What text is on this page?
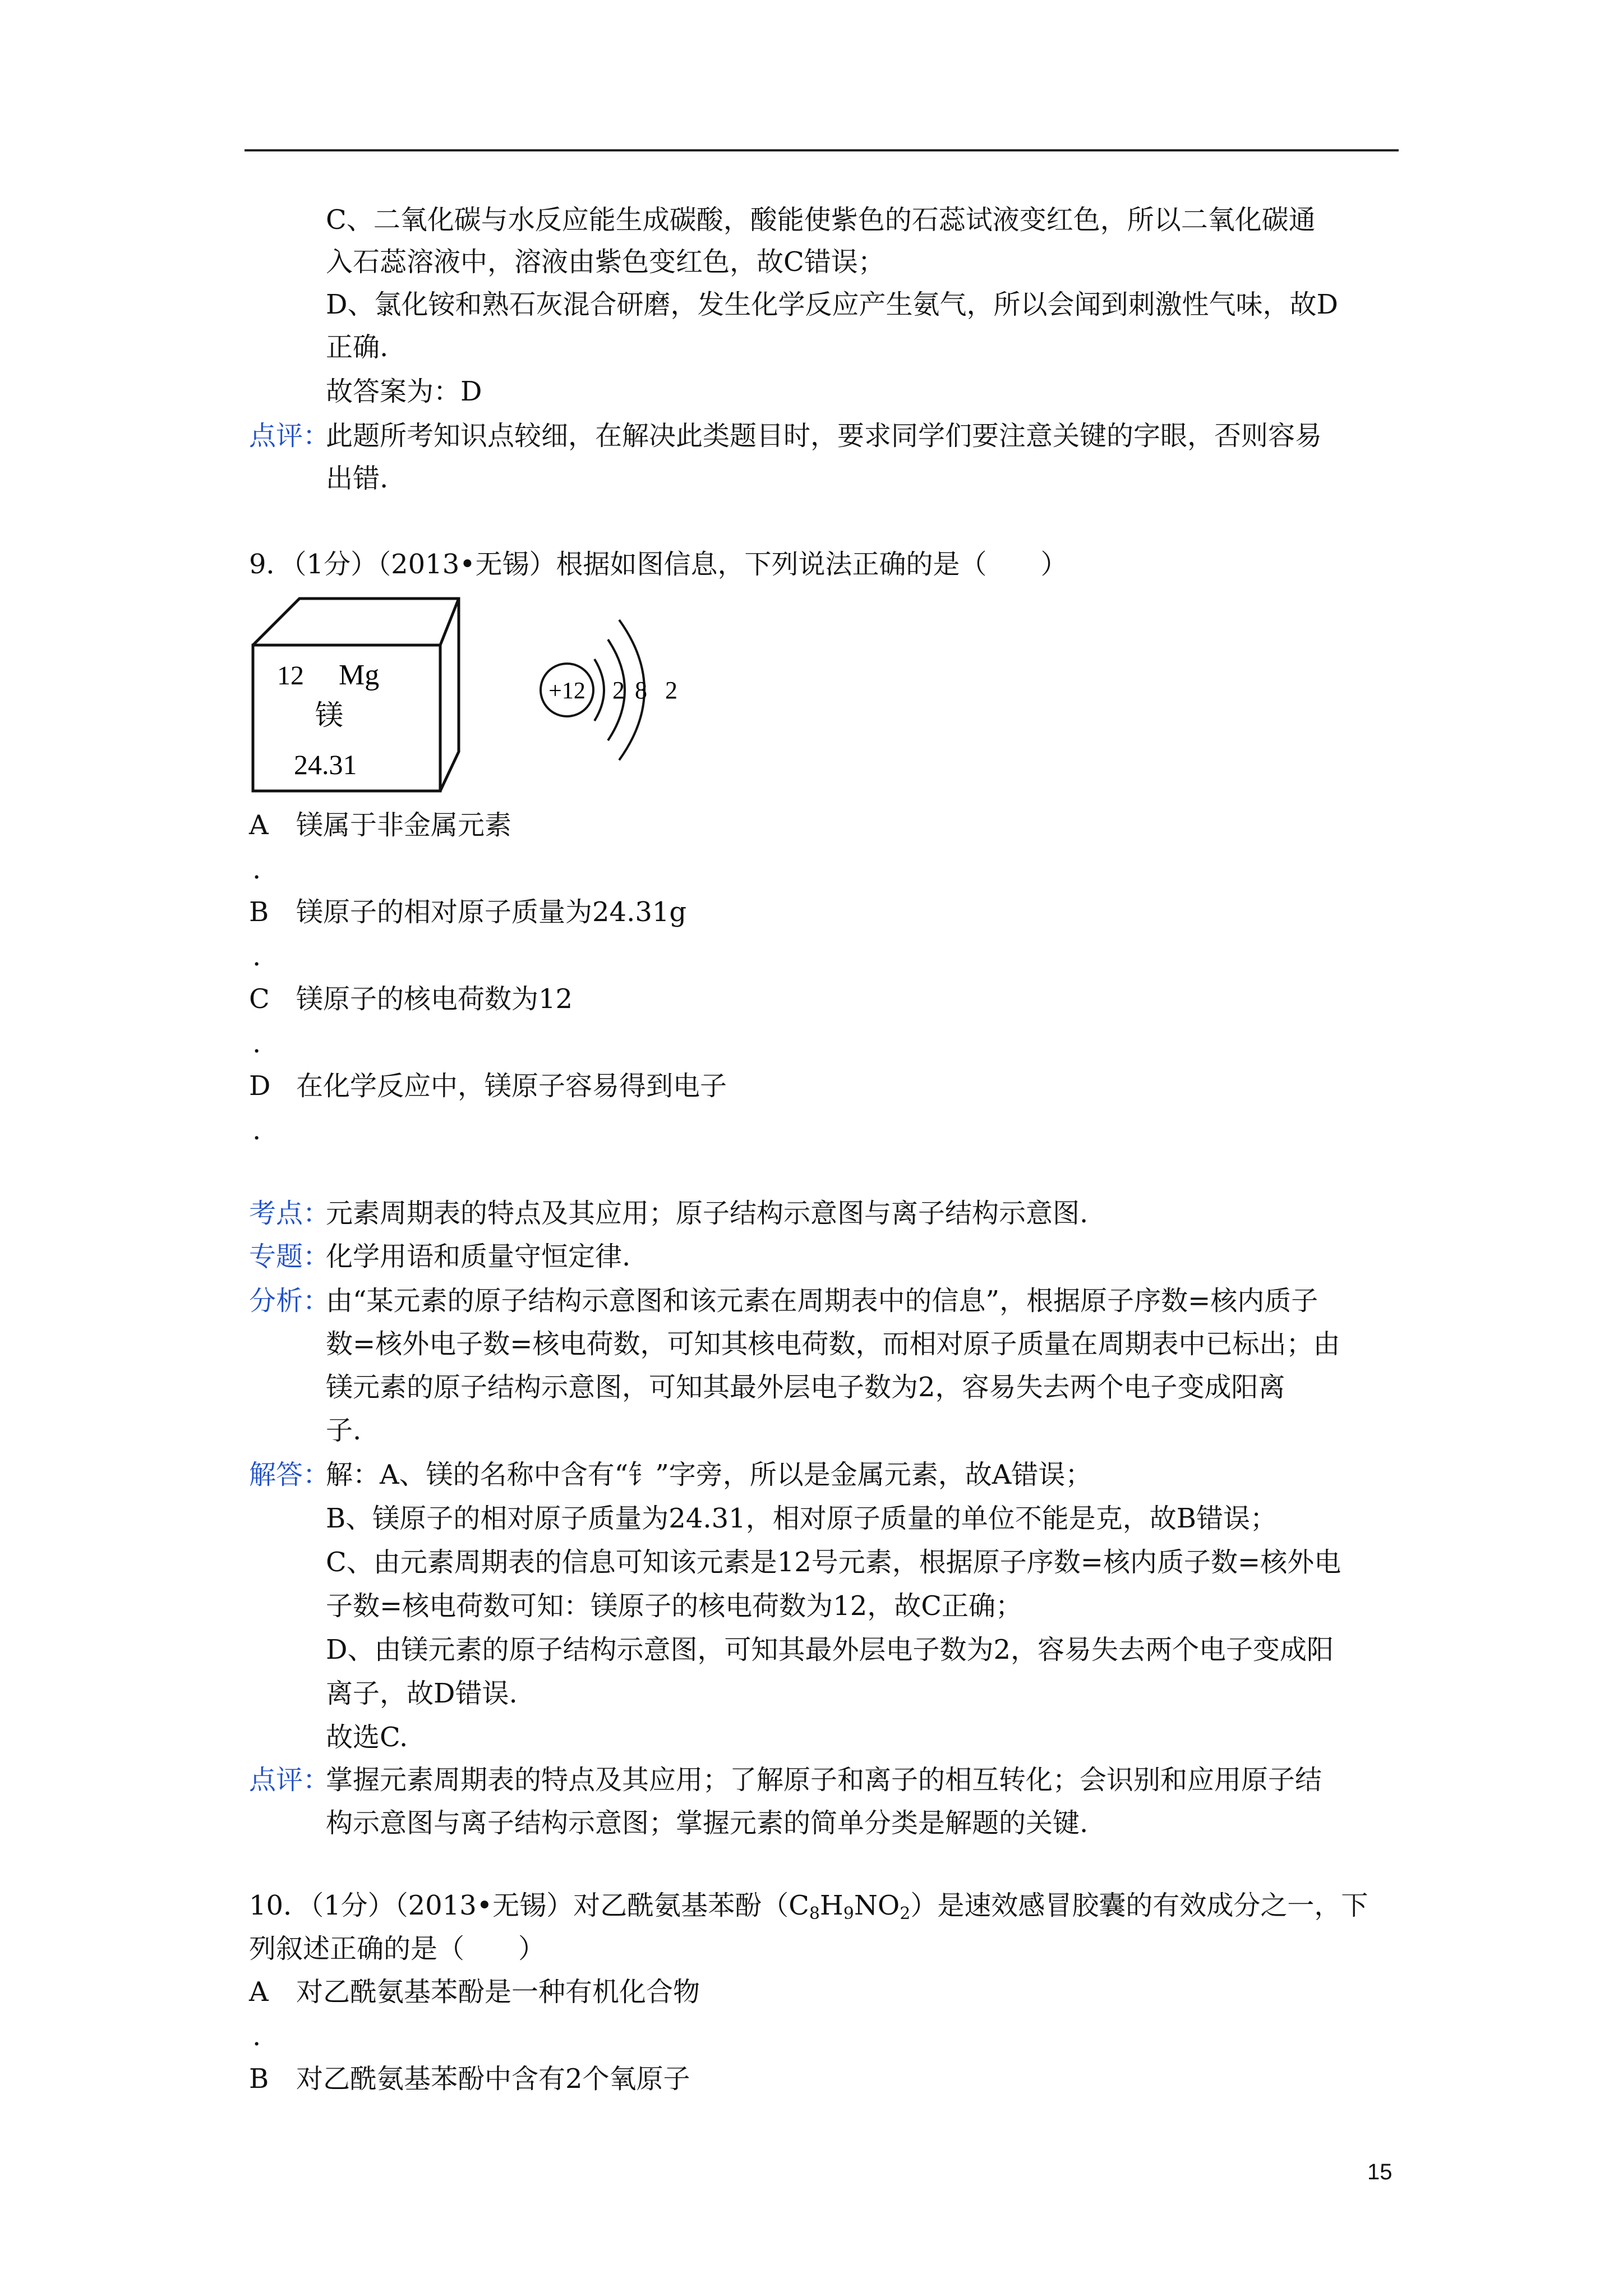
C、二氧化碳与水反应能生成碳酸，酸能使紫色的石蕊试液变红色，所以二氧化碳通
入石蕊溶液中，溶液由紫色变红色，故C错误；
D、氯化铵和熟石灰混合研磨，发生化学反应产生氨气，所以会闻到刺激性气味，故D
正确.
故答案为：D
点评：
此题所考知识点较细，在解决此类题目时，要求同学们要注意关键的字眼，否则容易
出错.
9．（1分）（2013•无锡）根据如图信息，下列说法正确的是（　　）
12 Mg
镁
24.31
+12 2 8 2
A 镁属于非金属元素
.
B 镁原子的相对原子质量为24.31g
.
C 镁原子的核电荷数为12
.
D 在化学反应中，镁原子容易得到电子
.
考点：
元素周期表的特点及其应用；原子结构示意图与离子结构示意图.
专题：
化学用语和质量守恒定律.
分析：
由“某元素的原子结构示意图和该元素在周期表中的信息”，根据原子序数=核内质子
数=核外电子数=核电荷数，可知其核电荷数，而相对原子质量在周期表中已标出；由
镁元素的原子结构示意图，可知其最外层电子数为2，容易失去两个电子变成阳离
子.
解答：
解：A、镁的名称中含有“钅”字旁，所以是金属元素，故A错误；
B、镁原子的相对原子质量为24.31，相对原子质量的单位不能是克，故B错误；
C、由元素周期表的信息可知该元素是12号元素，根据原子序数=核内质子数=核外电
子数=核电荷数可知：镁原子的核电荷数为12，故C正确；
D、由镁元素的原子结构示意图，可知其最外层电子数为2，容易失去两个电子变成阳
离子，故D错误.
故选C.
点评：
掌握元素周期表的特点及其应用；了解原子和离子的相互转化；会识别和应用原子结
构示意图与离子结构示意图；掌握元素的简单分类是解题的关键.
10．（1分）（2013•无锡）对乙酰氨基苯酚$(C_8H_9NO_2)$是速效感冒胶囊的有效成分之一，下
列叙述正确的是（　　）
A 对乙酰氨基苯酚是一种有机化合物
.
B 对乙酰氨基苯酚中含有2个氧原子
15
